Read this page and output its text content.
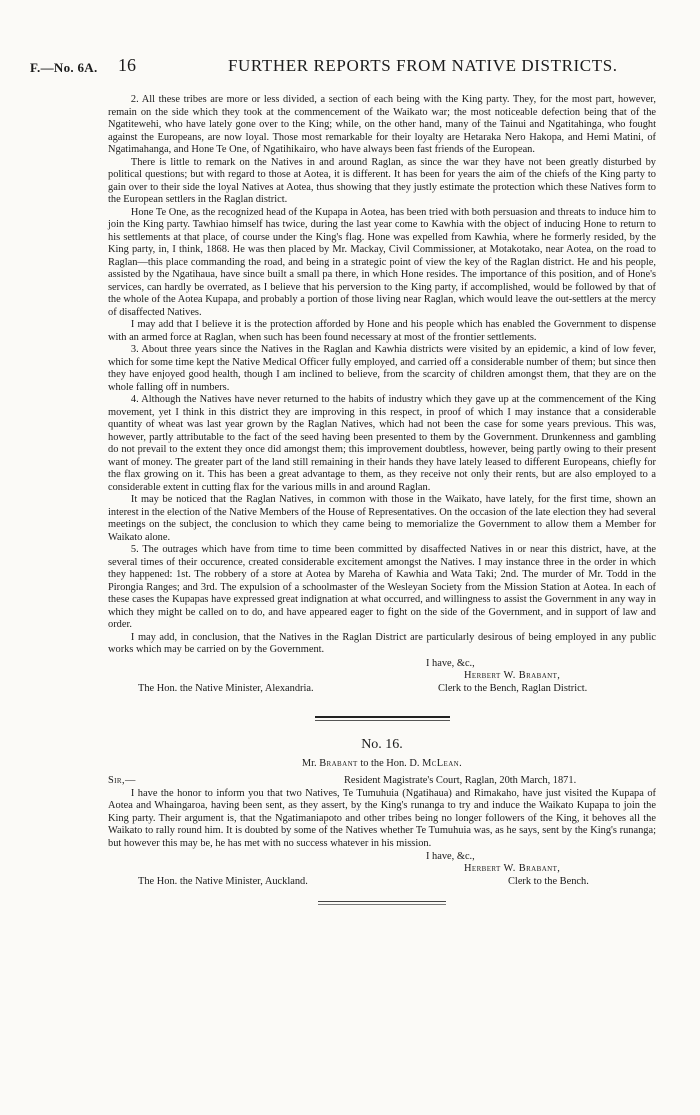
F.—No. 6A. 16	FURTHER REPORTS FROM NATIVE DISTRICTS.

2. All these tribes are more or less divided, a section of each being with the King party. They, for the most part, however, remain on the side which they took at the commencement of the Waikato war; the most noticeable defection being that of the Ngatitewehi, who have lately gone over to the King; while, on the other hand, many of the Tainui and Ngatitahinga, who fought against the Europeans, are now loyal. Those most remarkable for their loyalty are Hetaraka Nero Hakopa, and Hemi Matini, of Ngatimahanga, and Hone Te One, of Ngatihikairo, who have always been fast friends of the European.

There is little to remark on the Natives in and around Raglan, as since the war they have not been greatly disturbed by political questions; but with regard to those at Aotea, it is different. It has been for years the aim of the chiefs of the King party to gain over to their side the loyal Natives at Aotea, thus showing that they justly estimate the protection which these Natives form to the European settlers in the Raglan district.

Hone Te One, as the recognized head of the Kupapa in Aotea, has been tried with both persuasion and threats to induce him to join the King party. Tawhiao himself has twice, during the last year come to Kawhia with the object of inducing Hone to return to his settlements at that place, of course under the King's flag. Hone was expelled from Kawhia, where he formerly resided, by the King party, in, I think, 1868. He was then placed by Mr. Mackay, Civil Commissioner, at Motakotako, near Aotea, on the road to Raglan—this place commanding the road, and being in a strategic point of view the key of the Raglan district. He and his people, assisted by the Ngatihaua, have since built a small pa there, in which Hone resides. The importance of this position, and of Hone's services, can hardly be overrated, as I believe that his perversion to the King party, if accomplished, would be followed by that of the whole of the Aotea Kupapa, and probably a portion of those living near Raglan, which would leave the out-settlers at the mercy of disaffected Natives.

I may add that I believe it is the protection afforded by Hone and his people which has enabled the Government to dispense with an armed force at Raglan, when such has been found necessary at most of the frontier settlements.

3. About three years since the Natives in the Raglan and Kawhia districts were visited by an epidemic, a kind of low fever, which for some time kept the Native Medical Officer fully employed, and carried off a considerable number of them; but since then they have enjoyed good health, though I am inclined to believe, from the scarcity of children amongst them, that they are on the whole falling off in numbers.

4. Although the Natives have never returned to the habits of industry which they gave up at the commencement of the King movement, yet I think in this district they are improving in this respect, in proof of which I may instance that a considerable quantity of wheat was last year grown by the Raglan Natives, which had not been the case for some years previous. This was, however, partly attributable to the fact of the seed having been presented to them by the Government. Drunkenness and gambling do not prevail to the extent they once did amongst them; this improvement doubtless, however, being partly owing to their present want of money. The greater part of the land still remaining in their hands they have lately leased to different Europeans, chiefly for the flax growing on it. This has been a great advantage to them, as they receive not only their rents, but are also employed to a considerable extent in cutting flax for the various mills in and around Raglan.

It may be noticed that the Raglan Natives, in common with those in the Waikato, have lately, for the first time, shown an interest in the election of the Native Members of the House of Representatives. On the occasion of the late election they had several meetings on the subject, the conclusion to which they came being to memorialize the Government to allow them a Member for Waikato alone.

5. The outrages which have from time to time been committed by disaffected Natives in or near this district, have, at the several times of their occurence, created considerable excitement amongst the Natives. I may instance three in the order in which they happened: 1st. The robbery of a store at Aotea by Mareha of Kawhia and Wata Taki; 2nd. The murder of Mr. Todd in the Pirongia Ranges; and 3rd. The expulsion of a schoolmaster of the Wesleyan Society from the Mission Station at Aotea. In each of these cases the Kupapas have expressed great indignation at what occurred, and willingness to assist the Government in any way in which they might be called on to do, and have appeared eager to fight on the side of the Government, and in support of law and order.

I may add, in conclusion, that the Natives in the Raglan District are particularly desirous of being employed in any public works which may be carried on by the Government.

I have, &c.,
Herbert W. Brabant,
The Hon. the Native Minister, Alexandria.	Clerk to the Bench, Raglan District.
No. 16.
Mr. Brabant to the Hon. D. McLean.
Sir,—	Resident Magistrate's Court, Raglan, 20th March, 1871.

I have the honor to inform you that two Natives, Te Tumuhuia (Ngatihaua) and Rimakaho, have just visited the Kupapa of Aotea and Whaingaroa, having been sent, as they assert, by the King's runanga to try and induce the Waikato Kupapa to join the King party. Their argument is, that the Ngatimaniapoto and other tribes being no longer followers of the King, it behoves all the Waikato to rally round him. It is doubted by some of the Natives whether Te Tumuhuia was, as he says, sent by the King's runanga; but however this may be, he has met with no success whatever in his mission.

I have, &c.,
Herbert W. Brabant,
The Hon. the Native Minister, Auckland.	Clerk to the Bench.
